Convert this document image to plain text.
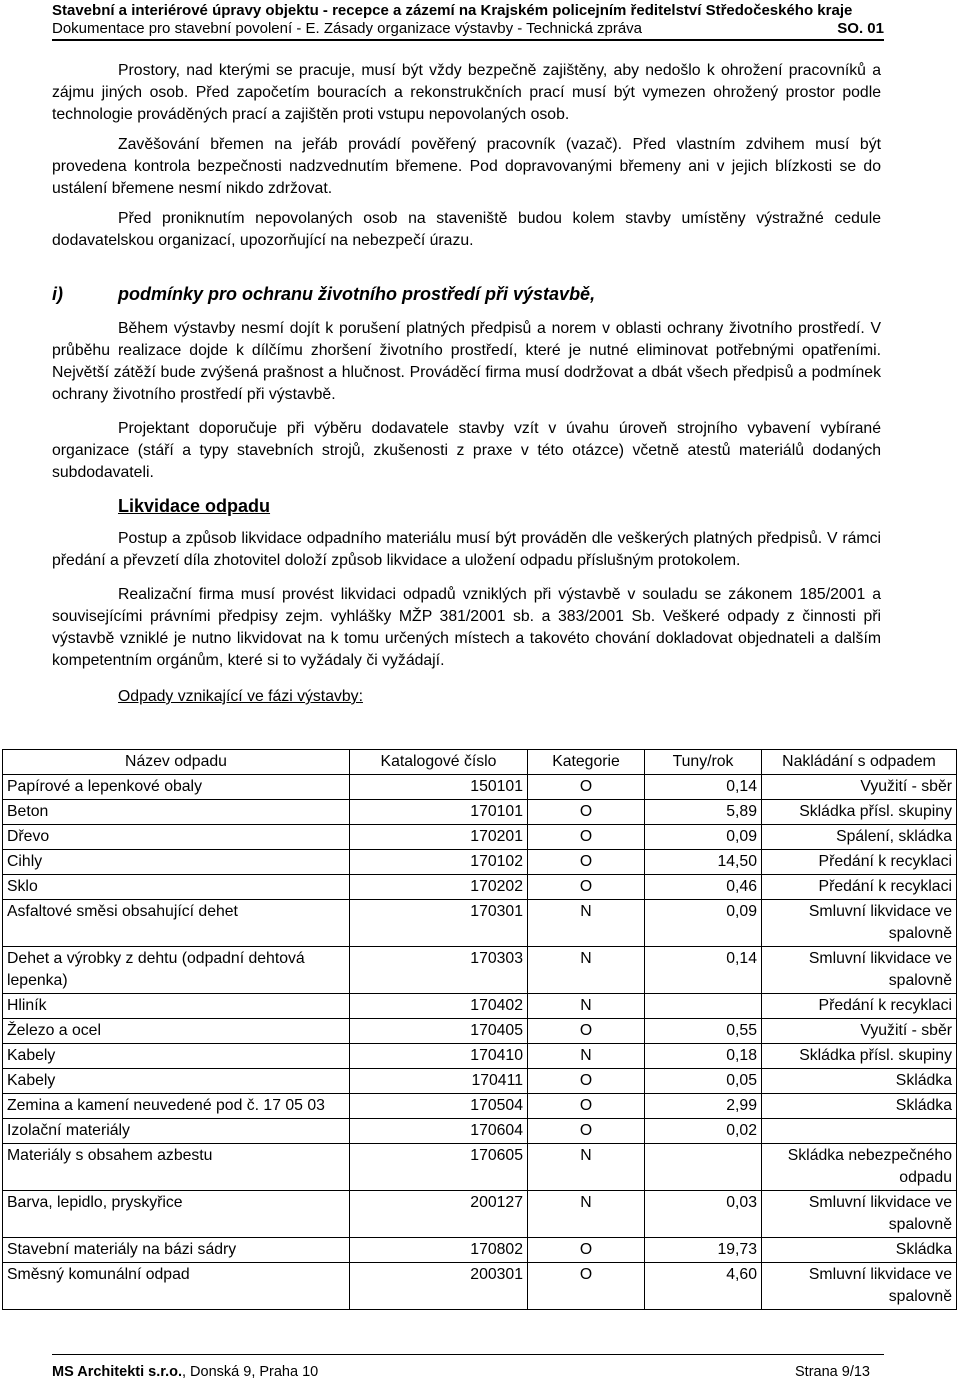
Stavební a interiérové úpravy objektu - recepce a zázemí na Krajském policejním ředitelství Středočeského kraje
Dokumentace pro stavební povolení - E. Zásady organizace výstavby - Technická zpráva	SO. 01

Prostory, nad kterými se pracuje, musí být vždy bezpečně zajištěny, aby nedošlo k ohrožení pracovníků a zájmu jiných osob. Před započetím bouracích a rekonstrukčních prací musí být vymezen ohrožený prostor podle technologie prováděných prací a zajištěn proti vstupu nepovolaných osob.

Zavěšování břemen na jeřáb provádí pověřený pracovník (vazač). Před vlastním zdvihem musí být provedena kontrola bezpečnosti nadzvednutím břemene. Pod dopravovanými břemeny ani v jejich blízkosti se do ustálení břemene nesmí nikdo zdržovat.

Před proniknutím nepovolaných osob na staveniště budou kolem stavby umístěny výstražné cedule dodavatelskou organizací, upozorňující na nebezpečí úrazu.

i)	podmínky pro ochranu životního prostředí při výstavbě,

Během výstavby nesmí dojít k porušení platných předpisů a norem v oblasti ochrany životního prostředí. V průběhu realizace dojde k dílčímu zhoršení životního prostředí, které je nutné eliminovat potřebnými opatřeními. Největší zátěží bude zvýšená prašnost a hlučnost. Prováděcí firma musí dodržovat a dbát všech předpisů a podmínek ochrany životního prostředí při výstavbě.

Projektant doporučuje při výběru dodavatele stavby vzít v úvahu úroveň strojního vybavení vybírané organizace (stáří a typy stavebních strojů, zkušenosti z praxe v této otázce) včetně atestů materiálů dodaných subdodavateli.

Likvidace odpadu

Postup a způsob likvidace odpadního materiálu musí být prováděn dle veškerých platných předpisů. V rámci předání a převzetí díla zhotovitel doloží způsob likvidace a uložení odpadu příslušným protokolem.

Realizační firma musí provést likvidaci odpadů vzniklých při výstavbě v souladu se zákonem 185/2001 a souvisejícími právními předpisy zejm. vyhlášky MŽP 381/2001 sb. a 383/2001 Sb. Veškeré odpady z činnosti při výstavbě vzniklé je nutno likvidovat na k tomu určených místech a takovéto chování dokladovat objednateli a dalším kompetentním orgánům, které si to vyžádaly či vyžádají.

Odpady vznikající ve fázi výstavby:
Název odpadu	Katalogové číslo	Kategorie	Tuny/rok	Nakládání s odpadem
Papírové a lepenkové obaly	150101	O	0,14	Využití - sběr
Beton	170101	O	5,89	Skládka přísl. skupiny
Dřevo	170201	O	0,09	Spálení, skládka
Cihly	170102	O	14,50	Předání k recyklaci
Sklo	170202	O	0,46	Předání k recyklaci
Asfaltové směsi obsahující dehet	170301	N	0,09	Smluvní likvidace ve spalovně
Dehet a výrobky z dehtu (odpadní dehtová lepenka)	170303	N	0,14	Smluvní likvidace ve spalovně
Hliník	170402	N		Předání k recyklaci
Železo a ocel	170405	O	0,55	Využití - sběr
Kabely	170410	N	0,18	Skládka přísl. skupiny
Kabely	170411	O	0,05	Skládka
Zemina a kamení neuvedené pod č. 17 05 03	170504	O	2,99	Skládka
Izolační materiály	170604	O	0,02	
Materiály s obsahem azbestu	170605	N		Skládka nebezpečného odpadu
Barva, lepidlo, pryskyřice	200127	N	0,03	Smluvní likvidace ve spalovně
Stavební materiály na bázi sádry	170802	O	19,73	Skládka
Směsný komunální odpad	200301	O	4,60	Smluvní likvidace ve spalovně
MS Architekti s.r.o., Donská 9, Praha 10	Strana 9/13
